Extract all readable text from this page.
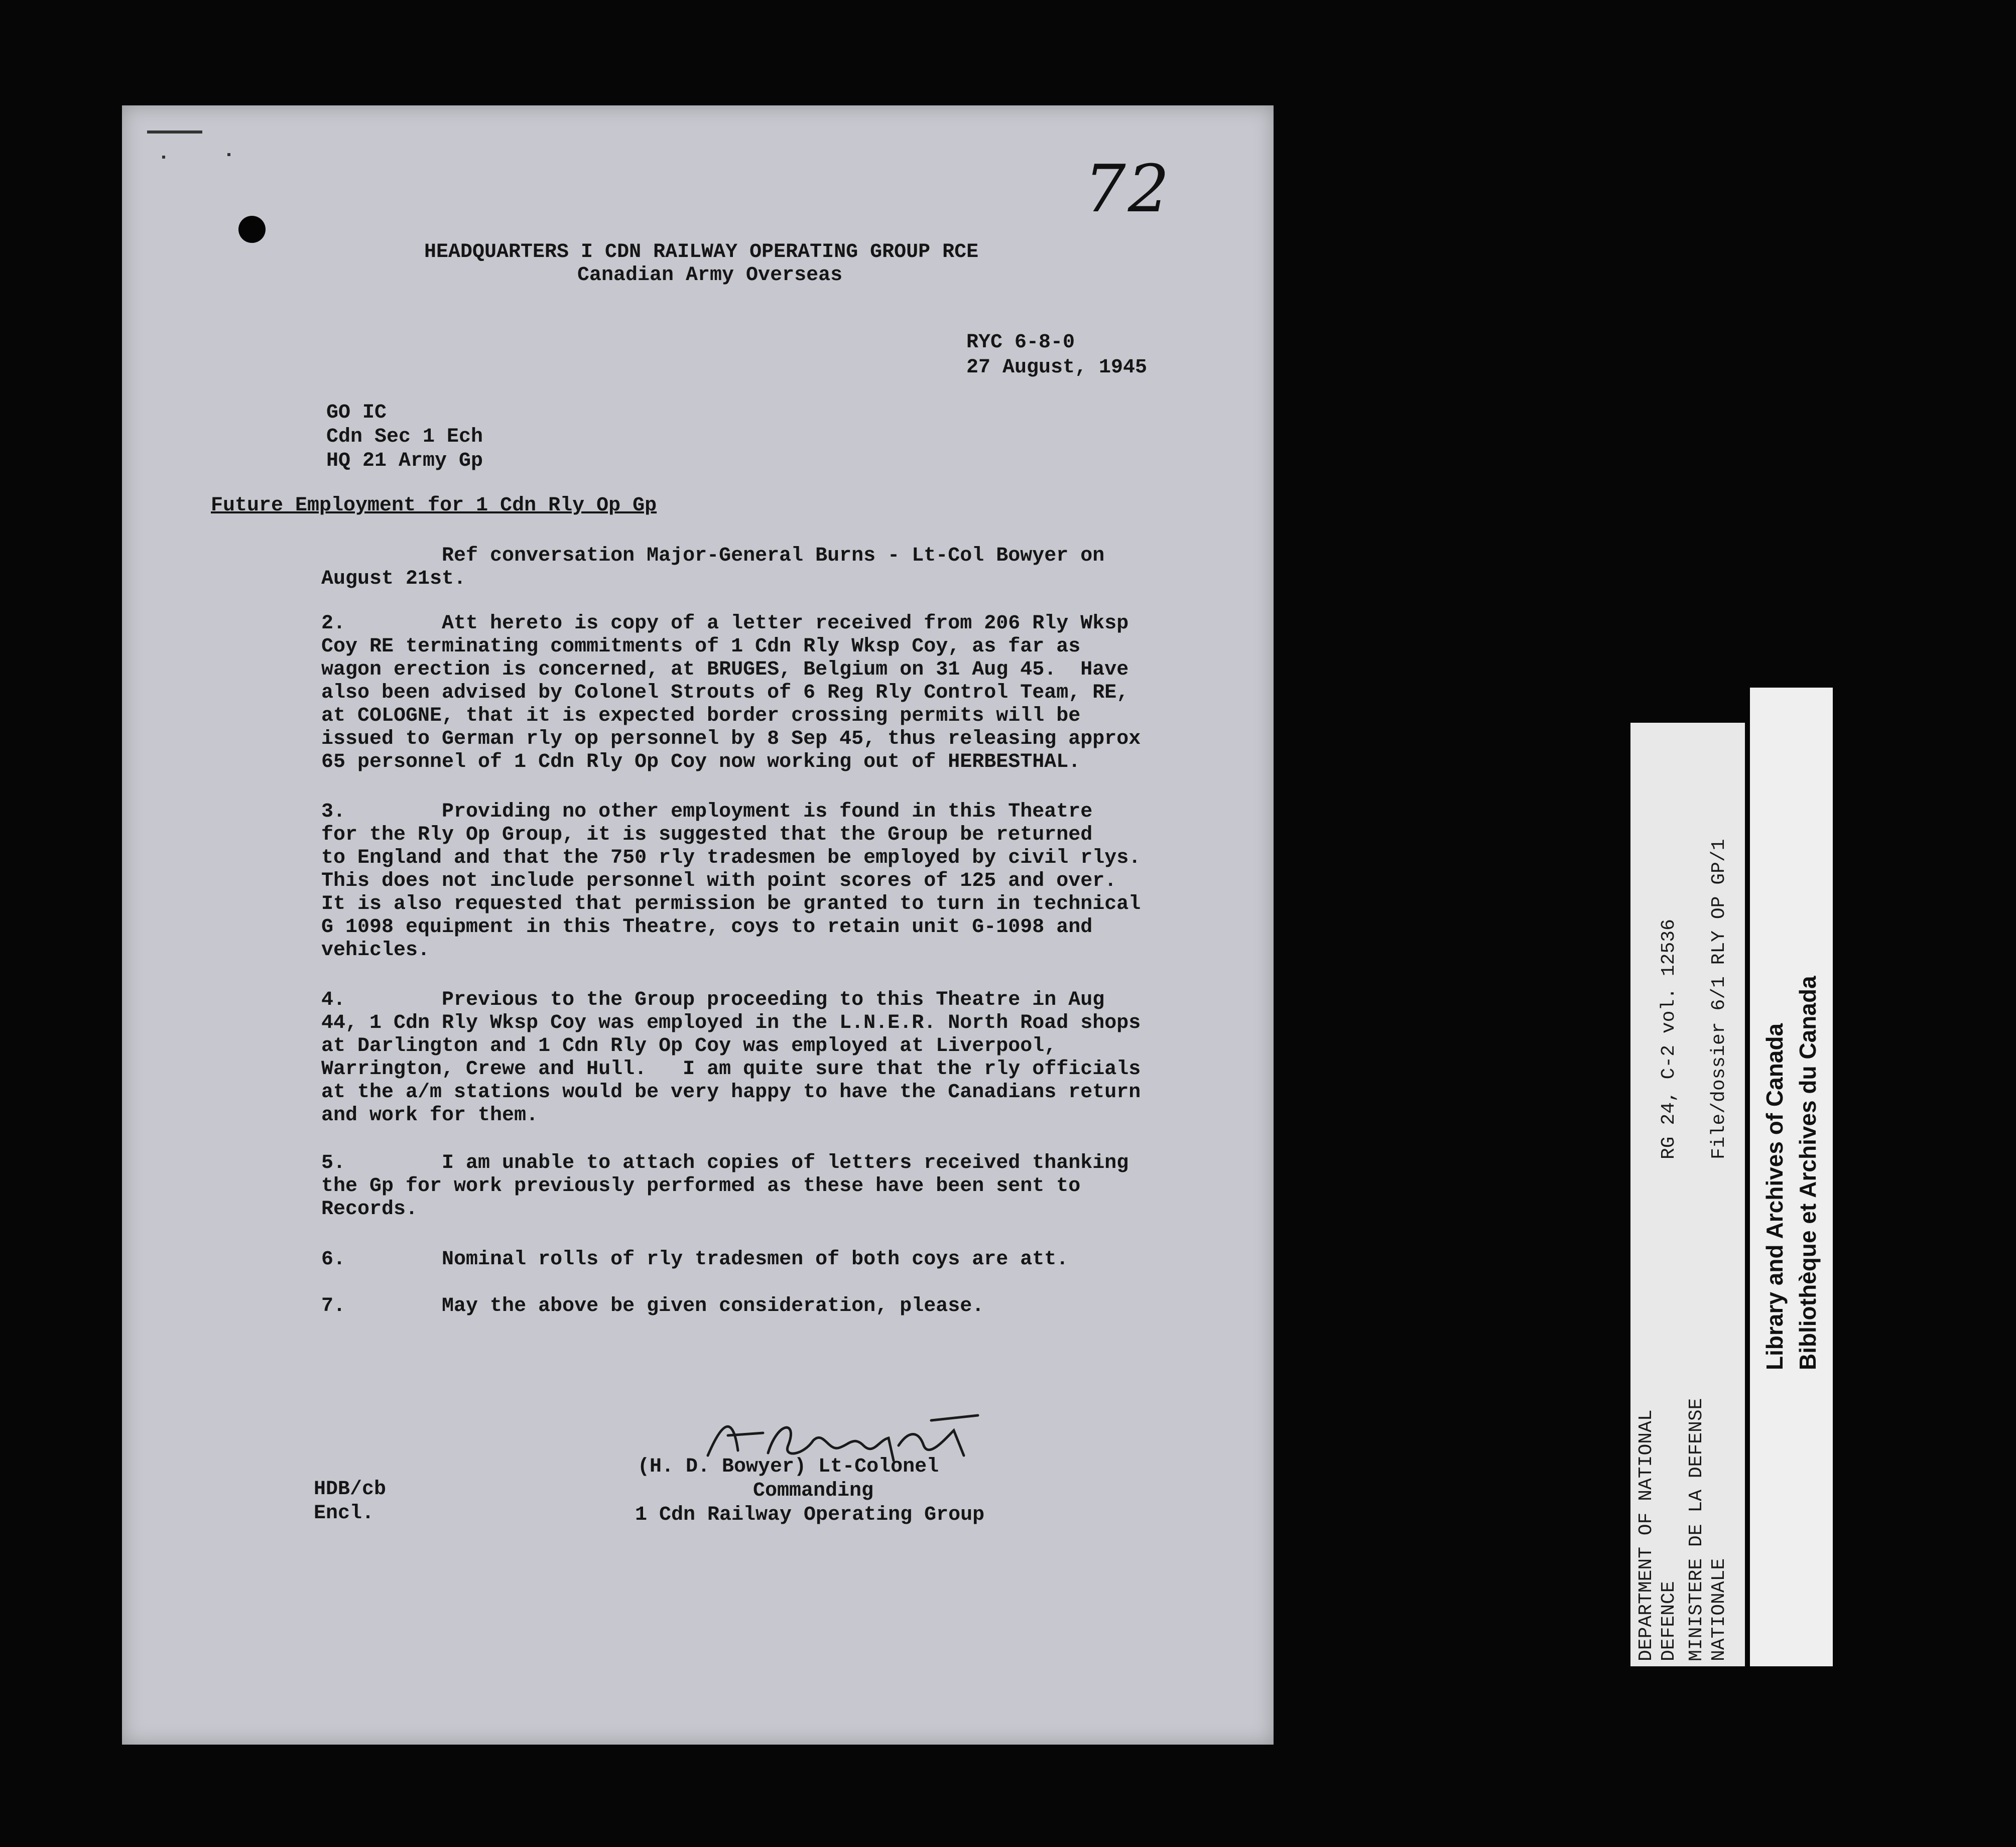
72
HEADQUARTERS I CDN RAILWAY OPERATING GROUP RCE
Canadian Army Overseas
RYC 6-8-0
27 August, 1945
GO IC
Cdn Sec 1 Ech
HQ 21 Army Gp
Future Employment for 1 Cdn Rly Op Gp
Ref conversation Major-General Burns - Lt-Col Bowyer on
August 21st.
2.        Att hereto is copy of a letter received from 206 Rly Wksp
Coy RE terminating commitments of 1 Cdn Rly Wksp Coy, as far as
wagon erection is concerned, at BRUGES, Belgium on 31 Aug 45.  Have
also been advised by Colonel Strouts of 6 Reg Rly Control Team, RE,
at COLOGNE, that it is expected border crossing permits will be
issued to German rly op personnel by 8 Sep 45, thus releasing approx
65 personnel of 1 Cdn Rly Op Coy now working out of HERBESTHAL.
3.        Providing no other employment is found in this Theatre
for the Rly Op Group, it is suggested that the Group be returned
to England and that the 750 rly tradesmen be employed by civil rlys.
This does not include personnel with point scores of 125 and over.
It is also requested that permission be granted to turn in technical
G 1098 equipment in this Theatre, coys to retain unit G-1098 and
vehicles.
4.        Previous to the Group proceeding to this Theatre in Aug
44, 1 Cdn Rly Wksp Coy was employed in the L.N.E.R. North Road shops
at Darlington and 1 Cdn Rly Op Coy was employed at Liverpool,
Warrington, Crewe and Hull.   I am quite sure that the rly officials
at the a/m stations would be very happy to have the Canadians return
and work for them.
5.        I am unable to attach copies of letters received thanking
the Gp for work previously performed as these have been sent to
Records.
6.        Nominal rolls of rly tradesmen of both coys are att.
7.        May the above be given consideration, please.
(H. D. Bowyer) Lt-Colonel
Commanding
1 Cdn Railway Operating Group
HDB/cb
Encl.	DEPARTMENT OF NATIONAL DEFENCE MINISTERE DE LA DEFENSE NATIONALE
RG 24, C-2 vol. 12536 File/dossier 6/1 RLY OP GP/1
Library and Archives of Canada Bibliothèque et Archives du Canada
